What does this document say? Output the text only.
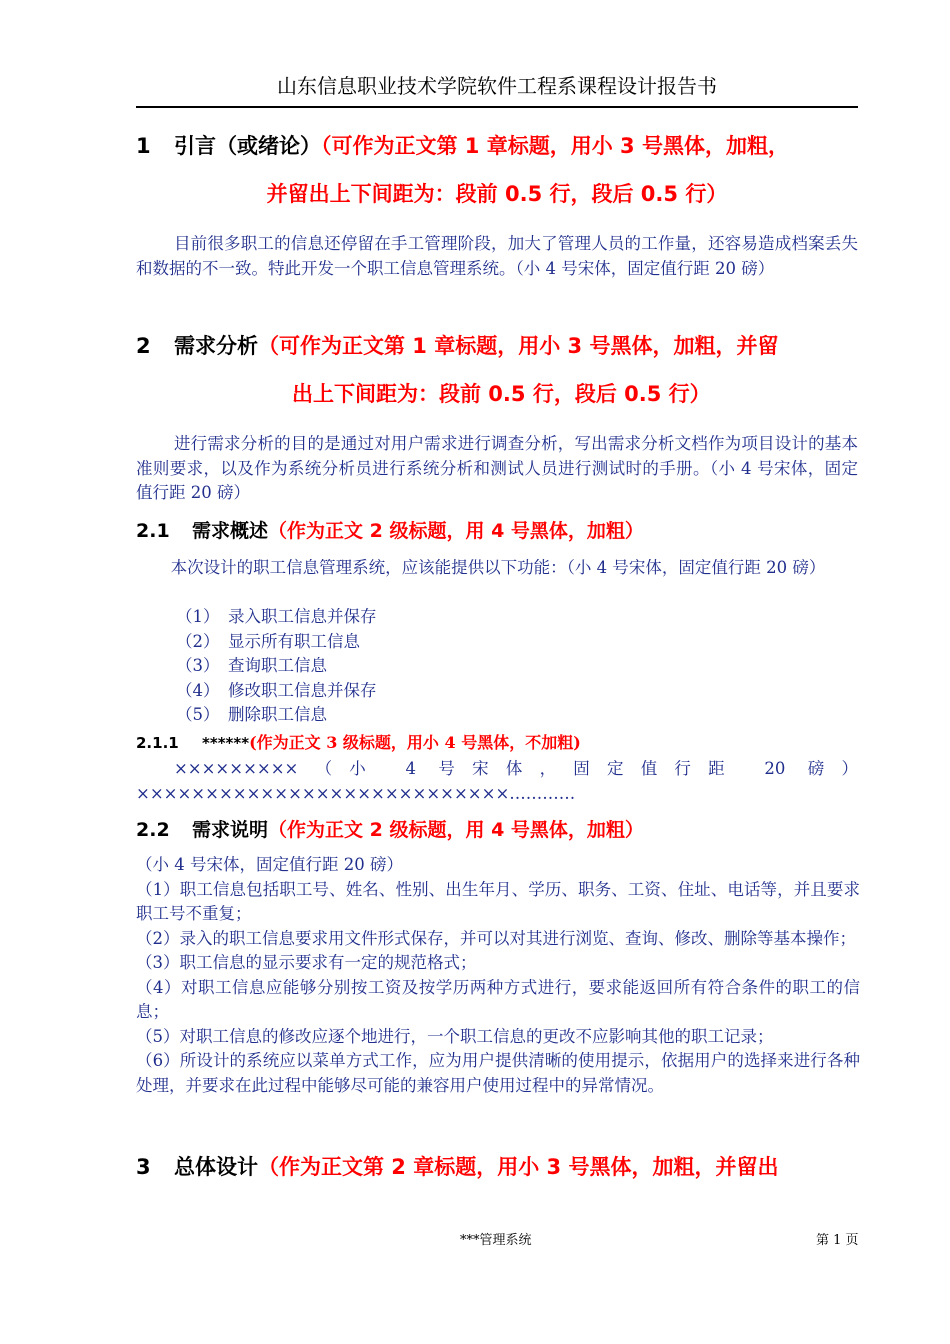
山东信息职业技术学院软件工程系课程设计报告书
1 引言（或绪论）（可作为正文第 1 章标题，用小 3 号黑体，加粗，
并留出上下间距为：段前 0.5 行，段后 0.5 行）

目前很多职工的信息还停留在手工管理阶段，加大了管理人员的工作量，还容易造成档案丢失和数据的不一致。特此开发一个职工信息管理系统。（小 4 号宋体，固定值行距 20 磅）

2 需求分析（可作为正文第 1 章标题，用小 3 号黑体，加粗，并留
出上下间距为：段前 0.5 行，段后 0.5 行）

进行需求分析的目的是通过对用户需求进行调查分析，写出需求分析文档作为项目设计的基本准则要求，以及作为系统分析员进行系统分析和测试人员进行测试时的手册。（小 4 号宋体，固定值行距 20 磅）

2.1 需求概述（作为正文 2 级标题，用 4 号黑体，加粗）

本次设计的职工信息管理系统，应该能提供以下功能：（小 4 号宋体，固定值行距 20 磅）

（1） 录入职工信息并保存
（2） 显示所有职工信息
（3） 查询职工信息
（4） 修改职工信息并保存
（5） 删除职工信息
2.1.1 ******(作为正文 3 级标题，用小 4 号黑体，不加粗)

×××××××××（小 4 号宋体，固定值行距 20 磅）×××××××××××××××××××××××××××…………

2.2 需求说明（作为正文 2 级标题，用 4 号黑体，加粗）

（小 4 号宋体，固定值行距 20 磅）

（1）职工信息包括职工号、姓名、性别、出生年月、学历、职务、工资、住址、电话等，并且要求职工号不重复；

（2）录入的职工信息要求用文件形式保存，并可以对其进行浏览、查询、修改、删除等基本操作；

（3）职工信息的显示要求有一定的规范格式；

（4）对职工信息应能够分别按工资及按学历两种方式进行，要求能返回所有符合条件的职工的信息；

（5）对职工信息的修改应逐个地进行，一个职工信息的更改不应影响其他的职工记录；

（6）所设计的系统应以菜单方式工作，应为用户提供清晰的使用提示，依据用户的选择来进行各种处理，并要求在此过程中能够尽可能的兼容用户使用过程中的异常情况。

3 总体设计（作为正文第 2 章标题，用小 3 号黑体，加粗，并留出
***管理系统	第 1 页
